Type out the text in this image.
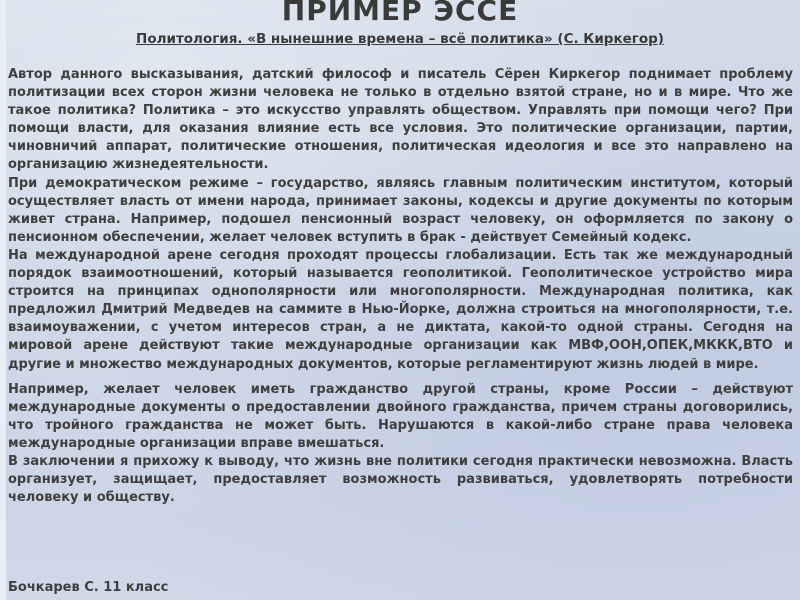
ПРИМЕР ЭССЕ
Политология. «В нынешние времена – всё политика» (С. Киркегор)

Автор данного высказывания, датский философ и писатель Сёрен Киркегор поднимает проблему политизации всех сторон жизни человека не только в отдельно взятой стране, но и в мире. Что же такое политика? Политика – это искусство управлять обществом. Управлять при помощи чего? При помощи власти, для оказания влияние есть все условия. Это политические организации, партии, чиновничий аппарат, политические отношения, политическая идеология и все это направлено на организацию жизнедеятельности.

При демократическом режиме – государство, являясь главным политическим институтом, который осуществляет власть от имени народа, принимает законы, кодексы и другие документы по которым живет страна. Например, подошел пенсионный возраст человеку, он оформляется по закону о пенсионном обеспечении, желает человек вступить в брак - действует Семейный кодекс.

На международной арене сегодня проходят процессы глобализации. Есть так же международный порядок взаимоотношений, который называется геополитикой. Геополитическое устройство мира строится на принципах однополярности или многополярности. Международная политика, как предложил Дмитрий Медведев на саммите в Нью-Йорке, должна строиться на многополярности, т.е. взаимоуважении, с учетом интересов стран, а не диктата, какой-то одной страны. Сегодня на мировой арене действуют такие международные организации как МВФ,ООН,ОПЕК,МККК,ВТО и другие и множество международных документов, которые регламентируют жизнь людей в мире.

Например, желает человек иметь гражданство другой страны, кроме России – действуют международные документы о предоставлении двойного гражданства, причем страны договорились, что тройного гражданства не может быть. Нарушаются в какой-либо стране права человека международные организации вправе вмешаться.

В заключении я прихожу к выводу, что жизнь вне политики сегодня практически невозможна. Власть организует, защищает, предоставляет возможность развиваться, удовлетворять потребности человеку и обществу.

Бочкарев С. 11 класс
